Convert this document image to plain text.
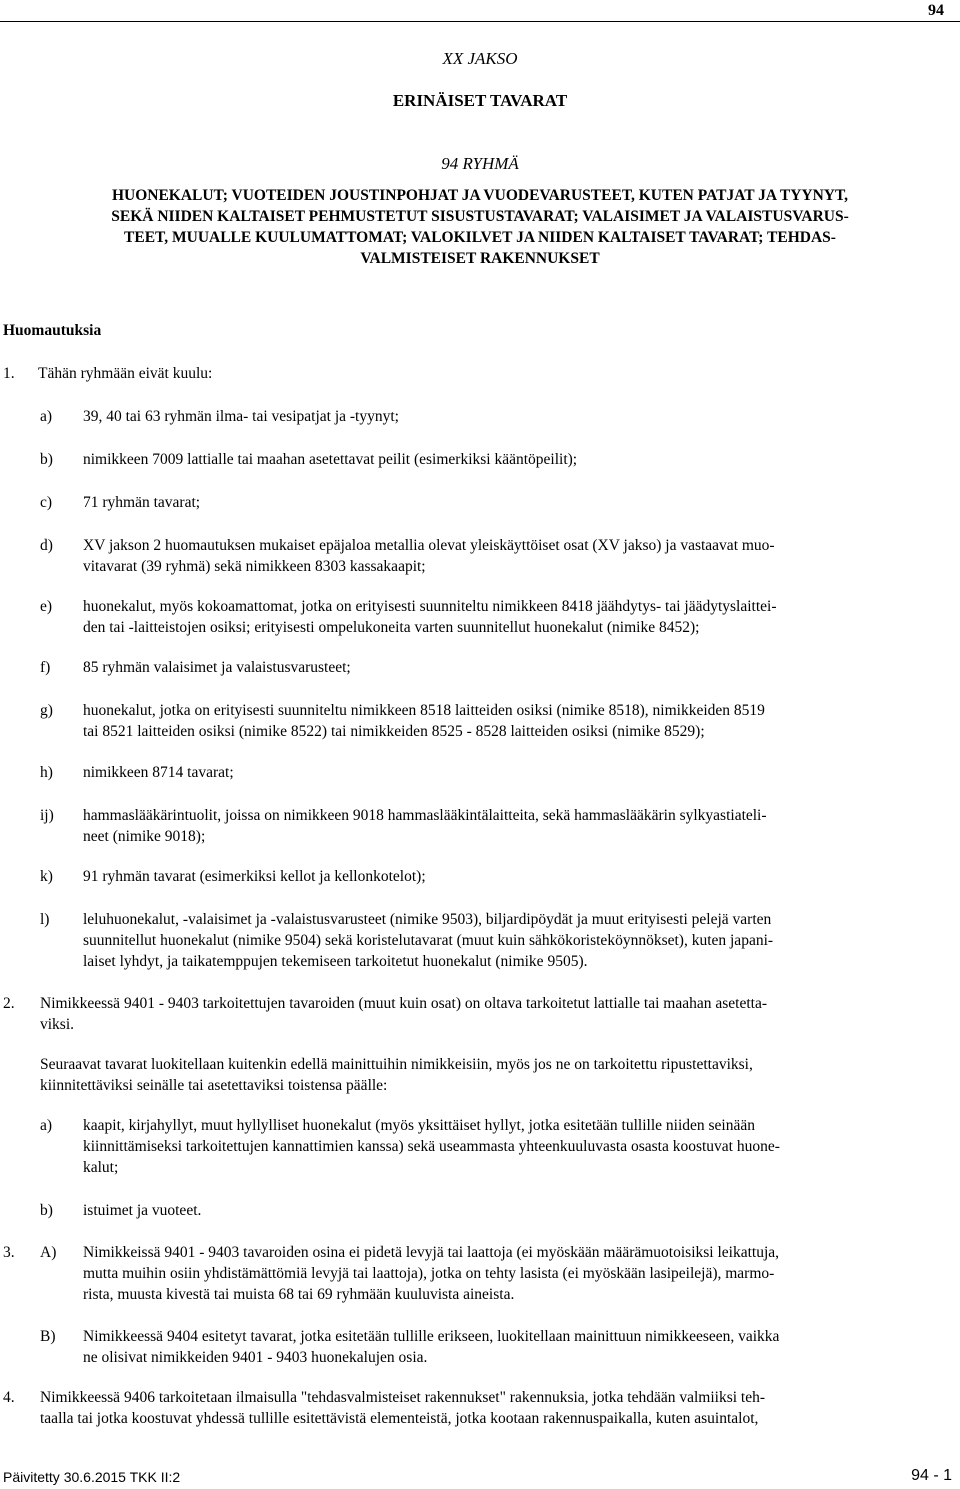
94
XX JAKSO
ERINÄISET TAVARAT
94 RYHMÄ
HUONEKALUT; VUOTEIDEN JOUSTINPOHJAT JA VUODEVARUSTEET, KUTEN PATJAT JA TYYNYT,
SEKÄ NIIDEN KALTAISET PEHMUSTETUT SISUSTUSTAVARAT; VALAISIMET JA VALAISTUSVARUS-
TEET, MUUALLE KUULUMATTOMAT; VALOKILVET JA NIIDEN KALTAISET TAVARAT; TEHDAS-
VALMISTEISET RAKENNUKSET
Huomautuksia
1. Tähän ryhmään eivät kuulu:
a) 39, 40 tai 63 ryhmän ilma- tai vesipatjat ja -tyynyt;
b) nimikkeen 7009 lattialle tai maahan asetettavat peilit (esimerkiksi kääntöpeilit);
c) 71 ryhmän tavarat;
d) XV jakson 2 huomautuksen mukaiset epäjaloa metallia olevat yleiskäyttöiset osat (XV jakso) ja vastaavat muo-
vitavarat (39 ryhmä) sekä nimikkeen 8303 kassakaapit;
e) huonekalut, myös kokoamattomat, jotka on erityisesti suunniteltu nimikkeen 8418 jäähdytys- tai jäädytyslaittei-
den tai -laitteistojen osiksi; erityisesti ompelukoneita varten suunnitellut huonekalut (nimike 8452);
f) 85 ryhmän valaisimet ja valaistusvarusteet;
g) huonekalut, jotka on erityisesti suunniteltu nimikkeen 8518 laitteiden osiksi (nimike 8518), nimikkeiden 8519
tai 8521 laitteiden osiksi (nimike 8522) tai nimikkeiden 8525 - 8528 laitteiden osiksi (nimike 8529);
h) nimikkeen 8714 tavarat;
ij) hammaslääkärintuolit, joissa on nimikkeen 9018 hammaslääkintälaitteita, sekä hammaslääkärin sylkyastiateli-
neet (nimike 9018);
k) 91 ryhmän tavarat (esimerkiksi kellot ja kellonkotelot);
l) leluhuonekalut, -valaisimet ja -valaistusvarusteet (nimike 9503), biljardipöydät ja muut erityisesti pelejä varten
suunnitellut huonekalut (nimike 9504) sekä koristelutavarat (muut kuin sähkökoristeköynnökset), kuten japani-
laiset lyhdyt, ja taikatemppujen tekemiseen tarkoitetut huonekalut (nimike 9505).
2. Nimikkeessä 9401 - 9403 tarkoitettujen tavaroiden (muut kuin osat) on oltava tarkoitetut lattialle tai maahan asetetta-
viksi.
Seuraavat tavarat luokitellaan kuitenkin edellä mainittuihin nimikkeisiin, myös jos ne on tarkoitettu ripustettaviksi,
kiinnitettäviksi seinälle tai asetettaviksi toistensa päälle:
a) kaapit, kirjahyllyt, muut hyllylliset huonekalut (myös yksittäiset hyllyt, jotka esitetään tullille niiden seinään
kiinnittämiseksi tarkoitettujen kannattimien kanssa) sekä useammasta yhteenkuuluvasta osasta koostuvat huone-
kalut;
b) istuimet ja vuoteet.
3. A) Nimikkeissä 9401 - 9403 tavaroiden osina ei pidetä levyjä tai laattoja (ei myöskään määrämuotoisiksi leikattuja,
mutta muihin osiin yhdistämättömiä levyjä tai laattoja), jotka on tehty lasista (ei myöskään lasipeilejä), marmo-
rista, muusta kivestä tai muista 68 tai 69 ryhmään kuuluvista aineista.
B) Nimikkeessä 9404 esitetyt tavarat, jotka esitetään tullille erikseen, luokitellaan mainittuun nimikkeeseen, vaikka
ne olisivat nimikkeiden 9401 - 9403 huonekalujen osia.
4. Nimikkeessä 9406 tarkoitetaan ilmaisulla "tehdasvalmisteiset rakennukset" rakennuksia, jotka tehdään valmiiksi teh-
taalla tai jotka koostuvat yhdessä tullille esitettävistä elementeistä, jotka kootaan rakennuspaikalla, kuten asuintalot,
Päivitetty 30.6.2015 TKK II:2	94 - 1
